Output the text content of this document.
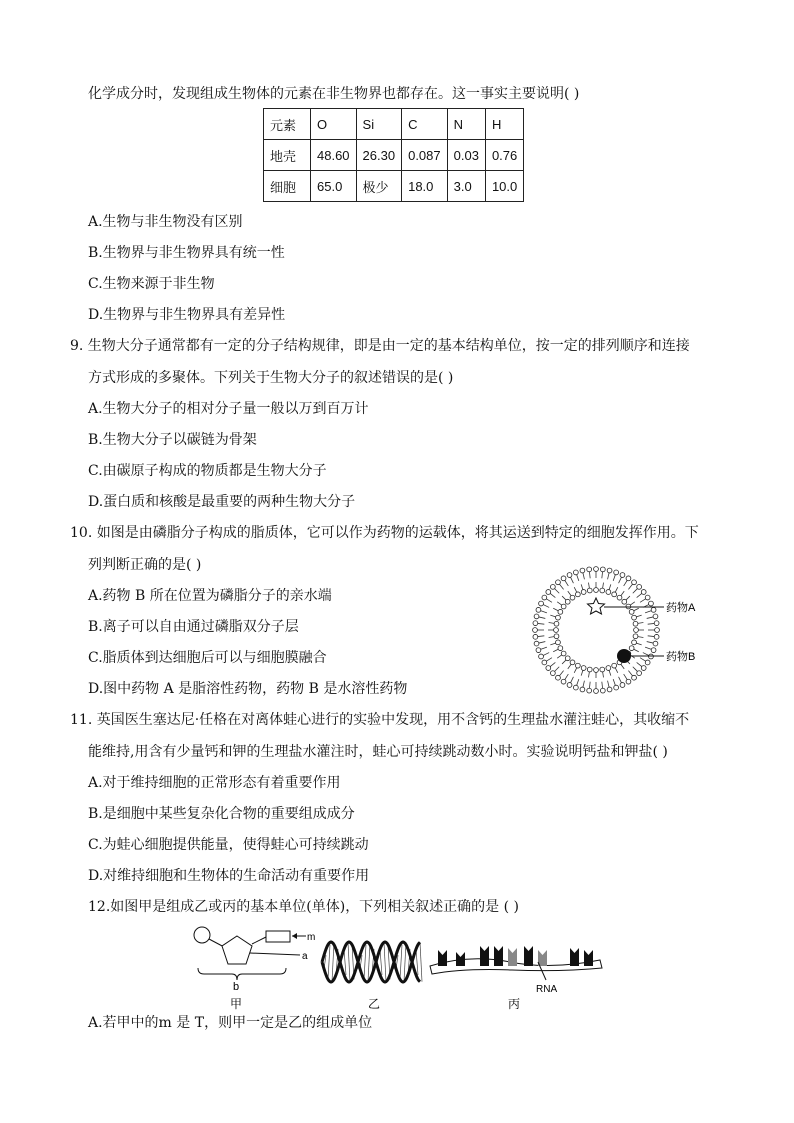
化学成分时，发现组成生物体的元素在非生物界也都存在。这一事实主要说明( )
元素	O	Si	C	N	H
地壳	48.60	26.30	0.087	0.03	0.76
细胞	65.0	极少	18.0	3.0	10.0
A.生物与非生物没有区别
B.生物界与非生物界具有统一性
C.生物来源于非生物
D.生物界与非生物界具有差异性
9. 生物大分子通常都有一定的分子结构规律，即是由一定的基本结构单位，按一定的排列顺序和连接
方式形成的多聚体。下列关于生物大分子的叙述错误的是( )
A.生物大分子的相对分子量一般以万到百万计
B.生物大分子以碳链为骨架
C.由碳原子构成的物质都是生物大分子
D.蛋白质和核酸是最重要的两种生物大分子
10. 如图是由磷脂分子构成的脂质体，它可以作为药物的运载体，将其运送到特定的细胞发挥作用。下
列判断正确的是( )
A.药物 B 所在位置为磷脂分子的亲水端
B.离子可以自由通过磷脂双分子层
C.脂质体到达细胞后可以与细胞膜融合
D.图中药物 A 是脂溶性药物，药物 B 是水溶性药物
药物A
药物B
11. 英国医生塞达尼·任格在对离体蛙心进行的实验中发现，用不含钙的生理盐水灌注蛙心，其收缩不
能维持,用含有少量钙和钾的生理盐水灌注时，蛙心可持续跳动数小时。实验说明钙盐和钾盐( )
A.对于维持细胞的正常形态有着重要作用
B.是细胞中某些复杂化合物的重要组成成分
C.为蛙心细胞提供能量，使得蛙心可持续跳动
D.对维持细胞和生物体的生命活动有重要作用
12.如图甲是组成乙或丙的基本单位(单体)，下列相关叙述正确的是 ( )
m
a
b
甲	乙
RNA
丙
A.若甲中的m 是 T，则甲一定是乙的组成单位
